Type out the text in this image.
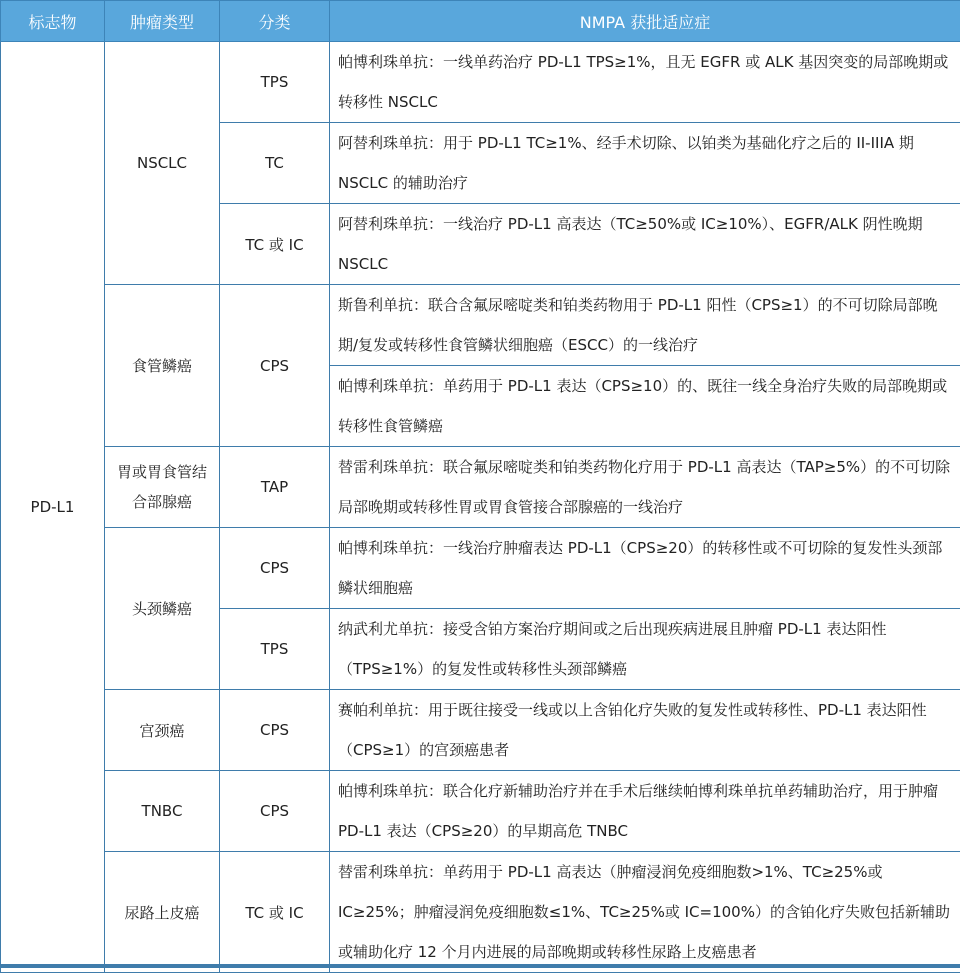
标志物	肿瘤类型	分类	NMPA 获批适应症
PD-L1	NSCLC	TPS	帕博利珠单抗：一线单药治疗 PD-L1 TPS≥1%，且无 EGFR 或 ALK 基因突变的局部晚期或转移性 NSCLC
		TC	阿替利珠单抗：用于 PD-L1 TC≥1%、经手术切除、以铂类为基础化疗之后的 II-IIIA 期 NSCLC 的辅助治疗
		TC 或 IC	阿替利珠单抗：一线治疗 PD-L1 高表达（TC≥50%或 IC≥10%）、EGFR/ALK 阴性晚期 NSCLC
	食管鳞癌	CPS	斯鲁利单抗：联合含氟尿嘧啶类和铂类药物用于 PD-L1 阳性（CPS≥1）的不可切除局部晚期/复发或转移性食管鳞状细胞癌（ESCC）的一线治疗
			帕博利珠单抗：单药用于 PD-L1 表达（CPS≥10）的、既往一线全身治疗失败的局部晚期或转移性食管鳞癌
	胃或胃食管结合部腺癌	TAP	替雷利珠单抗：联合氟尿嘧啶类和铂类药物化疗用于 PD-L1 高表达（TAP≥5%）的不可切除局部晚期或转移性胃或胃食管接合部腺癌的一线治疗
	头颈鳞癌	CPS	帕博利珠单抗：一线治疗肿瘤表达 PD-L1（CPS≥20）的转移性或不可切除的复发性头颈部鳞状细胞癌
		TPS	纳武利尤单抗：接受含铂方案治疗期间或之后出现疾病进展且肿瘤 PD-L1 表达阳性（TPS≥1%）的复发性或转移性头颈部鳞癌
	宫颈癌	CPS	赛帕利单抗：用于既往接受一线或以上含铂化疗失败的复发性或转移性、PD-L1 表达阳性（CPS≥1）的宫颈癌患者
	TNBC	CPS	帕博利珠单抗：联合化疗新辅助治疗并在手术后继续帕博利珠单抗单药辅助治疗，用于肿瘤 PD-L1 表达（CPS≥20）的早期高危 TNBC
	尿路上皮癌	TC 或 IC	替雷利珠单抗：单药用于 PD-L1 高表达（肿瘤浸润免疫细胞数>1%、TC≥25%或 IC≥25%；肿瘤浸润免疫细胞数≤1%、TC≥25%或 IC=100%）的含铂化疗失败包括新辅助或辅助化疗 12 个月内进展的局部晚期或转移性尿路上皮癌患者
